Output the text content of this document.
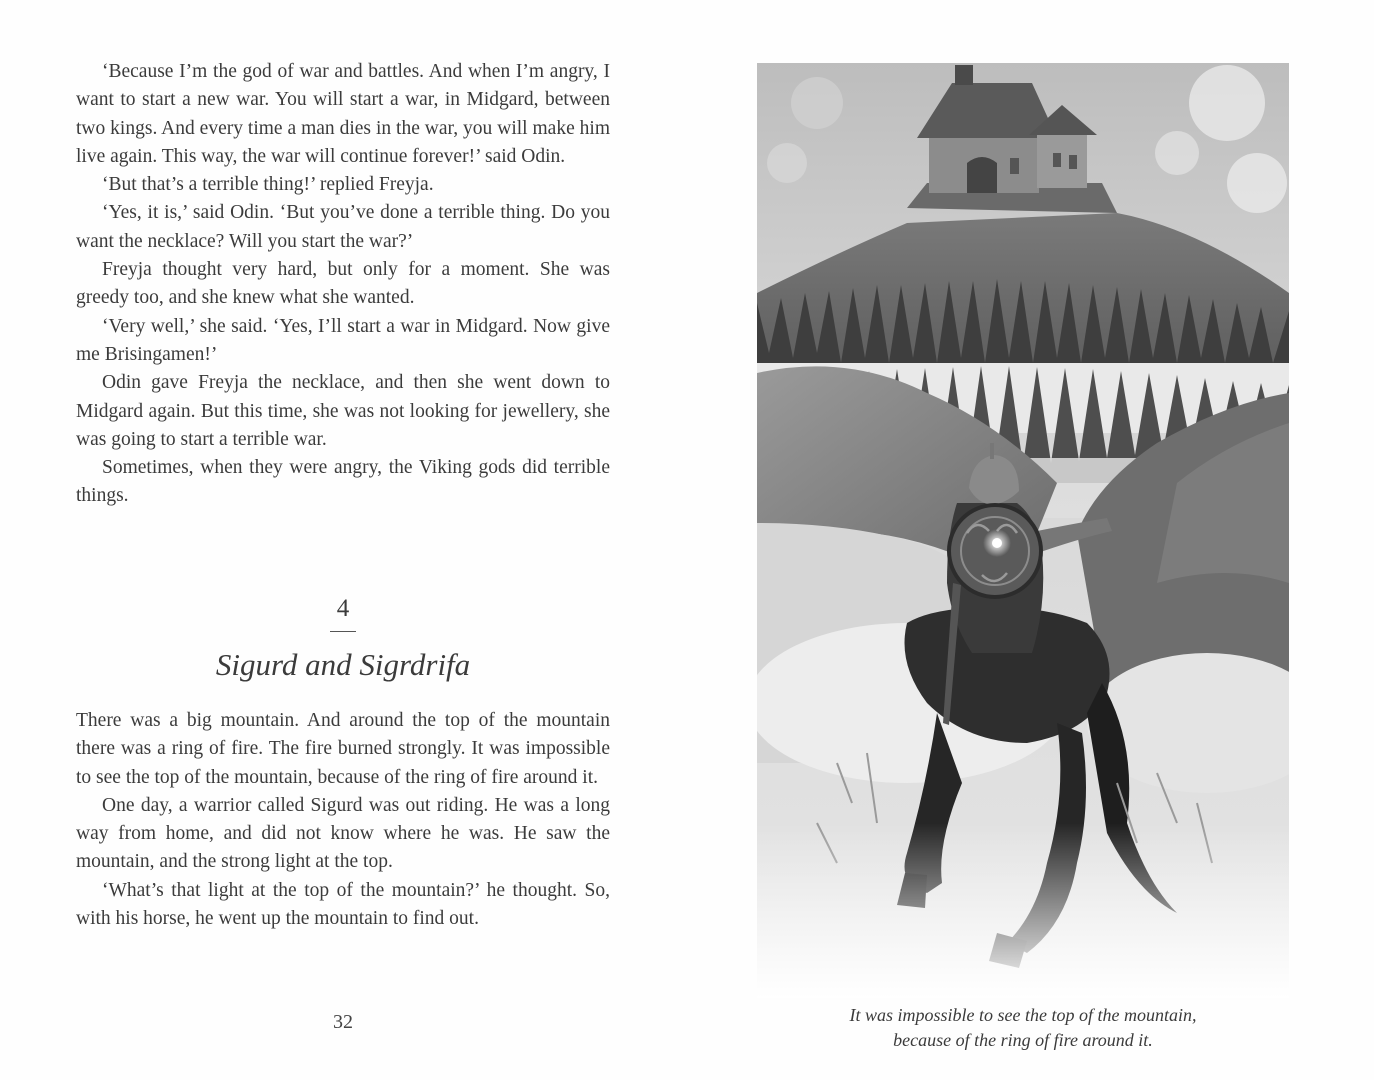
‘Because I’m the god of war and battles. And when I’m angry, I want to start a new war. You will start a war, in Midgard, between two kings. And every time a man dies in the war, you will make him live again. This way, the war will continue forever!’ said Odin.

‘But that’s a terrible thing!’ replied Freyja.

‘Yes, it is,’ said Odin. ‘But you’ve done a terrible thing. Do you want the necklace? Will you start the war?’

Freyja thought very hard, but only for a moment. She was greedy too, and she knew what she wanted.

‘Very well,’ she said. ‘Yes, I’ll start a war in Midgard. Now give me Brisingamen!’

Odin gave Freyja the necklace, and then she went down to Midgard again. But this time, she was not looking for jewellery, she was going to start a terrible war.

Sometimes, when they were angry, the Viking gods did terrible things.

4
Sigurd and Sigrdrifa

There was a big mountain. And around the top of the mountain there was a ring of fire. The fire burned strongly. It was impossible to see the top of the mountain, because of the ring of fire around it.

One day, a warrior called Sigurd was out riding. He was a long way from home, and did not know where he was. He saw the mountain, and the strong light at the top.

‘What’s that light at the top of the mountain?’ he thought. So, with his horse, he went up the mountain to find out.

32	It was impossible to see the top of the mountain,
because of the ring of fire around it.
